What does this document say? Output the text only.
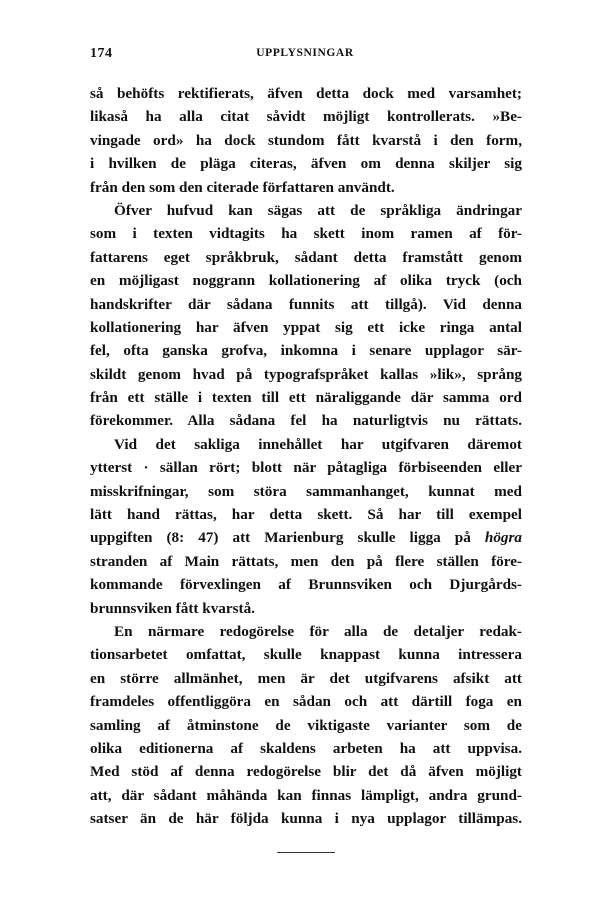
174	UPPLYSNINGAR
så behöfts rektifierats, äfven detta dock med varsamhet;
likaså ha alla citat såvidt möjligt kontrollerats. »Be-
vingade ord» ha dock stundom fått kvarstå i den form,
i hvilken de pläga citeras, äfven om denna skiljer sig
från den som den citerade författaren användt.
Öfver hufvud kan sägas att de språkliga ändringar
som i texten vidtagits ha skett inom ramen af för-
fattarens eget språkbruk, sådant detta framstått genom
en möjligast noggrann kollationering af olika tryck (och
handskrifter där sådana funnits att tillgå). Vid denna
kollationering har äfven yppat sig ett icke ringa antal
fel, ofta ganska grofva, inkomna i senare upplagor sär-
skildt genom hvad på typografspråket kallas »lik», språng
från ett ställe i texten till ett näraliggande där samma ord
förekommer. Alla sådana fel ha naturligtvis nu rättats.
Vid det sakliga innehållet har utgifvaren däremot
ytterst · sällan rört; blott när påtagliga förbiseenden eller
misskrifningar, som störa sammanhanget, kunnat med
lätt hand rättas, har detta skett. Så har till exempel
uppgiften (8: 47) att Marienburg skulle ligga på högra
stranden af Main rättats, men den på flere ställen före-
kommande förvexlingen af Brunnsviken och Djurgårds-
brunnsviken fått kvarstå.
En närmare redogörelse för alla de detaljer redak-
tionsarbetet omfattat, skulle knappast kunna intressera
en större allmänhet, men är det utgifvarens afsikt att
framdeles offentliggöra en sådan och att därtill foga en
samling af åtminstone de viktigaste varianter som de
olika editionerna af skaldens arbeten ha att uppvisa.
Med stöd af denna redogörelse blir det då äfven möjligt
att, där sådant måhända kan finnas lämpligt, andra grund-
satser än de här följda kunna i nya upplagor tillämpas.
